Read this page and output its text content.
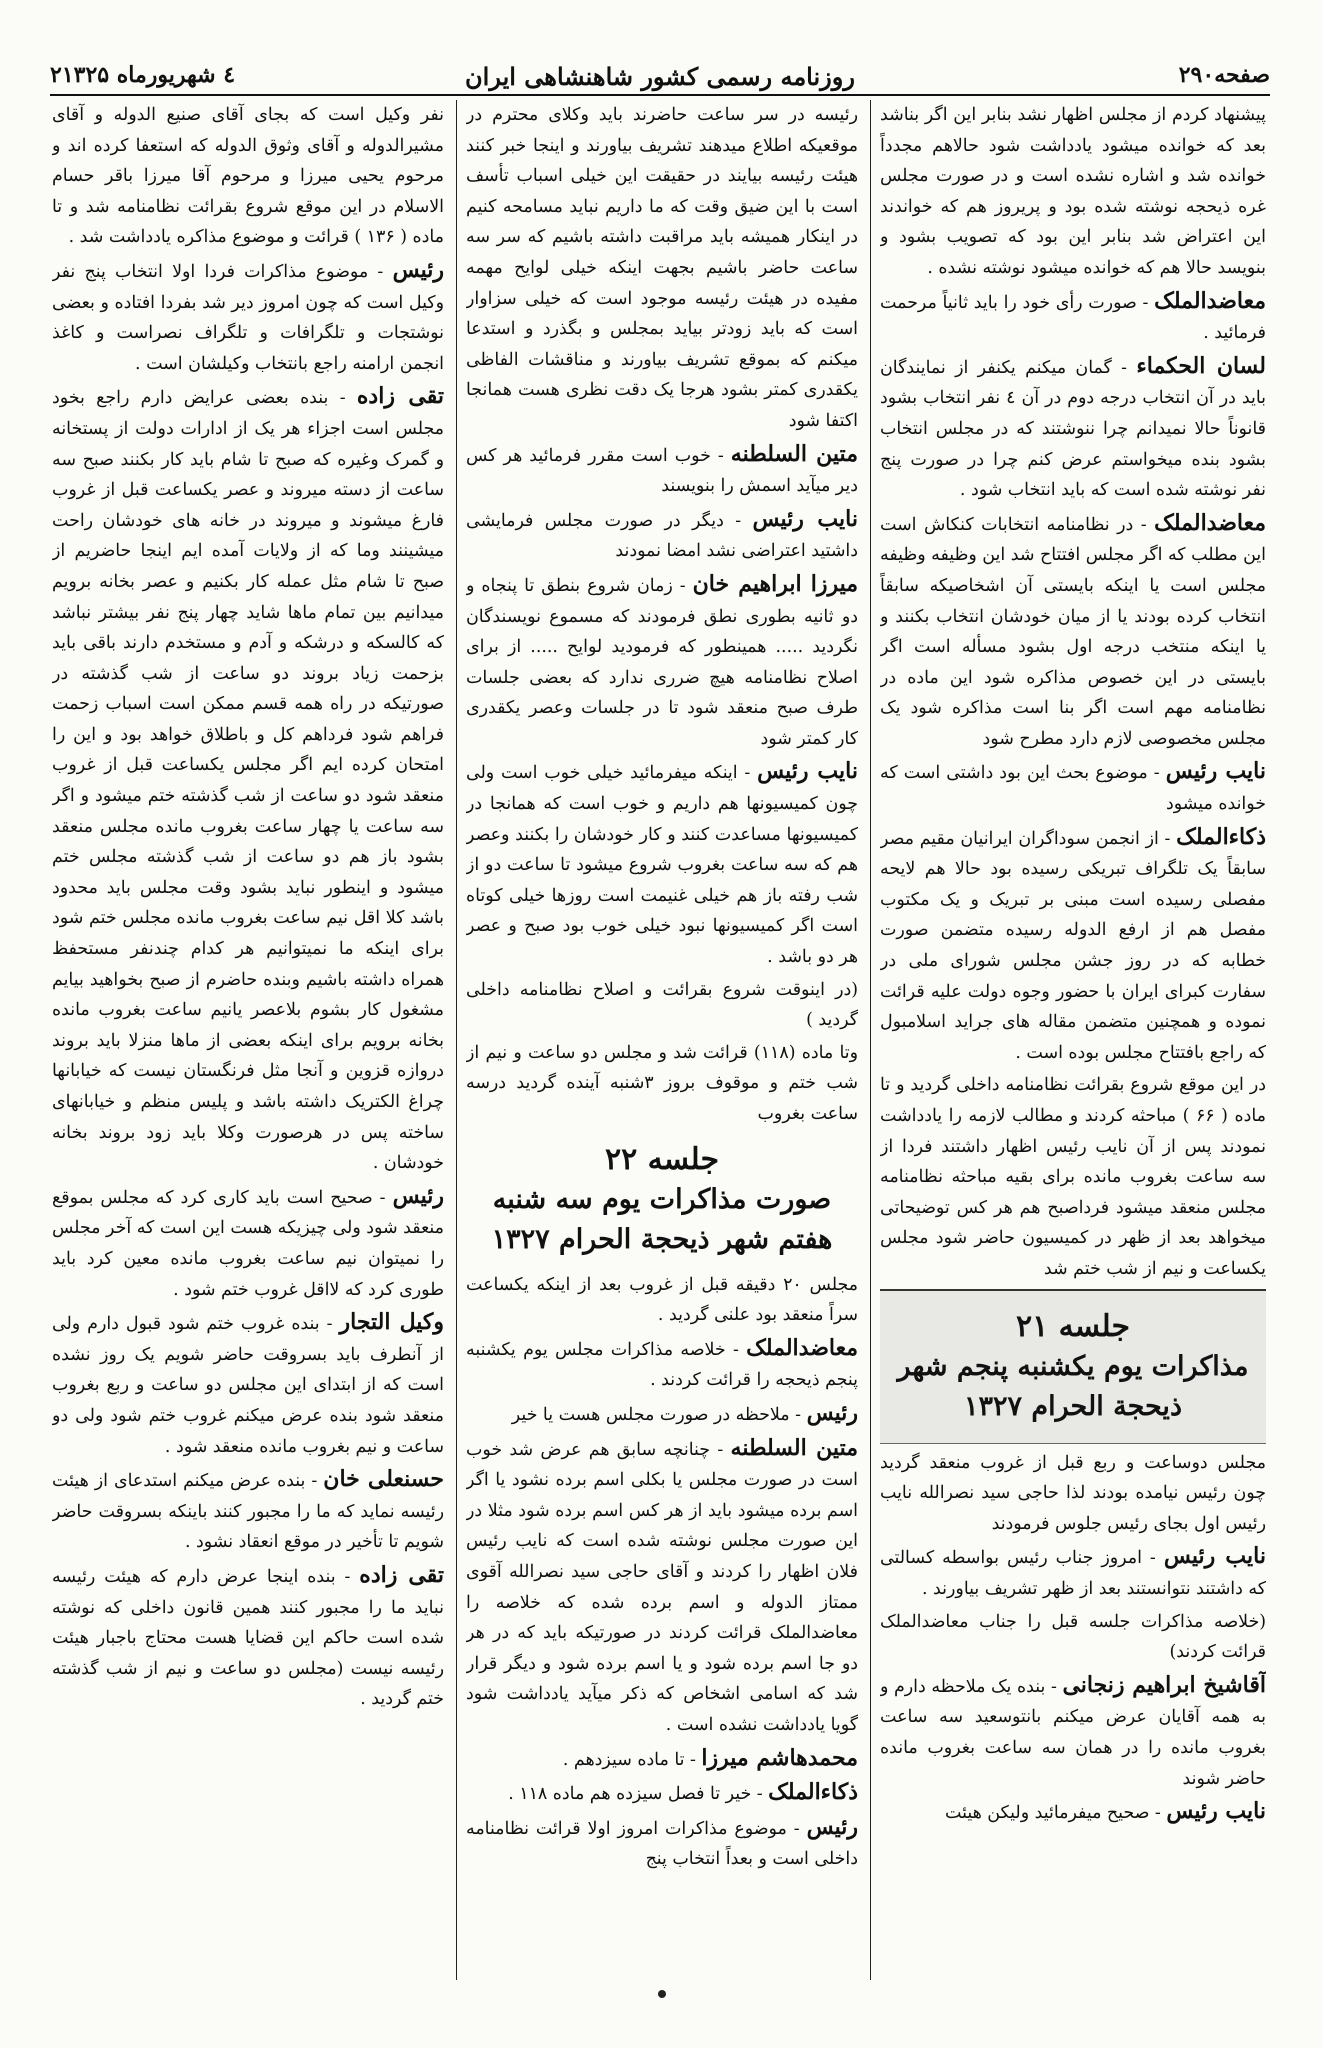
صفحه۲۹۰
روزنامه رسمی کشور شاهنشاهی ایران
۲٤ شهریورماه ۱۳۲۵

پیشنهاد کردم از مجلس اظهار نشد بنابر این اگر بناشد بعد که خوانده میشود یادداشت شود حالاهم مجدداً خوانده شد و اشاره نشده است و در صورت مجلس غره ذیحجه نوشته شده بود و پریروز هم که خواندند این اعتراض شد بنابر این بود که تصویب بشود و بنویسد حالا هم که خوانده میشود نوشته نشده .

معاضدالملک - صورت رأی خود را باید ثانیاً مرحمت فرمائید .

لسان الحکماء - گمان میکنم یکنفر از نمایندگان باید در آن انتخاب درجه دوم در آن ٤ نفر انتخاب بشود قانوناً حالا نمیدانم چرا ننوشتند که در مجلس انتخاب بشود بنده میخواستم عرض کنم چرا در صورت پنج نفر نوشته شده است که باید انتخاب شود .

معاضدالملک - در نظامنامه انتخابات کنکاش است این مطلب که اگر مجلس افتتاح شد این وظیفه وظیفه مجلس است یا اینکه بایستی آن اشخاصیکه سابقاً انتخاب کرده بودند یا از میان خودشان انتخاب بکنند و یا اینکه منتخب درجه اول بشود مسأله است اگر بایستی در این خصوص مذاکره شود این ماده در نظامنامه مهم است اگر بنا است مذاکره شود یک مجلس مخصوصی لازم دارد مطرح شود

نایب رئیس - موضوع بحث این بود داشتی است که خوانده میشود

ذکاءالملک - از انجمن سوداگران ایرانیان مقیم مصر سابقاً یک تلگراف تبریکی رسیده بود حالا هم لایحه مفصلی رسیده است مبنی بر تبریک و یک مکتوب مفصل هم از ارفع الدوله رسیده متضمن صورت خطابه که در روز جشن مجلس شورای ملی در سفارت کبرای ایران با حضور وجوه دولت علیه قرائت نموده و همچنین متضمن مقاله های جراید اسلامبول که راجع بافتتاح مجلس بوده است .

در این موقع شروع بقرائت نظامنامه داخلی گردید و تا ماده ( ۶۶ ) مباحثه کردند و مطالب لازمه را یادداشت نمودند پس از آن نایب رئیس اظهار داشتند فردا از سه ساعت بغروب مانده برای بقیه مباحثه نظامنامه مجلس منعقد میشود فرداصبح هم هر کس توضیحاتی میخواهد بعد از ظهر در کمیسیون حاضر شود مجلس یکساعت و نیم از شب ختم شد

جلسه ۲۱
مذاکرات یوم یکشنبه پنجم شهر
ذیحجة الحرام ۱۳۲۷

مجلس دوساعت و ربع قبل از غروب منعقد گردید چون رئیس نیامده بودند لذا حاجی سید نصرالله نایب رئیس اول بجای رئیس جلوس فرمودند

نایب رئیس - امروز جناب رئیس بواسطه کسالتی که داشتند نتوانستند بعد از ظهر تشریف بیاورند .

(خلاصه مذاکرات جلسه قبل را جناب معاضدالملک قرائت کردند)

آقاشیخ ابراهیم زنجانی - بنده یک ملاحظه دارم و به همه آقایان عرض میکنم بانتوسعید سه ساعت بغروب مانده را در همان سه ساعت بغروب مانده حاضر شوند

نایب رئیس - صحیح میفرمائید ولیکن هیئت

رئیسه در سر ساعت حاضرند باید وکلای محترم در موقعیکه اطلاع میدهند تشریف بیاورند و اینجا خبر کنند هیئت رئیسه بیایند در حقیقت این خیلی اسباب تأسف است با این ضیق وقت که ما داریم نباید مسامحه کنیم در اینکار همیشه باید مراقبت داشته باشیم که سر سه ساعت حاضر باشیم بجهت اینکه خیلی لوایح مهمه مفیده در هیئت رئیسه موجود است که خیلی سزاوار است که باید زودتر بیاید بمجلس و بگذرد و استدعا میکنم که بموقع تشریف بیاورند و مناقشات الفاظی یکقدری کمتر بشود هرجا یک دقت نظری هست همانجا اکتفا شود

متین السلطنه - خوب است مقرر فرمائید هر کس دیر میآید اسمش را بنویسند

نایب رئیس - دیگر در صورت مجلس فرمایشی داشتید اعتراضی نشد امضا نمودند

میرزا ابراهیم خان - زمان شروع بنطق تا پنجاه و دو ثانیه بطوری نطق فرمودند که مسموع نویسندگان نگردید ..... همینطور که فرمودید لوایح ..... از برای اصلاح نظامنامه هیچ ضرری ندارد که بعضی جلسات طرف صبح منعقد شود تا در جلسات وعصر یکقدری کار کمتر شود

نایب رئیس - اینکه میفرمائید خیلی خوب است ولی چون کمیسیونها هم داریم و خوب است که همانجا در کمیسیونها مساعدت کنند و کار خودشان را بکنند وعصر هم که سه ساعت بغروب شروع میشود تا ساعت دو از شب رفته باز هم خیلی غنیمت است روزها خیلی کوتاه است اگر کمیسیونها نبود خیلی خوب بود صبح و عصر هر دو باشد .

(در اینوقت شروع بقرائت و اصلاح نظامنامه داخلی گردید )

وتا ماده (۱۱۸) قرائت شد و مجلس دو ساعت و نیم از شب ختم و موقوف بروز ۳شنبه آینده گردید درسه ساعت بغروب

جلسه ۲۲
صورت مذاکرات یوم سه شنبه
هفتم شهر ذیحجة الحرام ۱۳۲۷

مجلس ۲۰ دقیقه قبل از غروب بعد از اینکه یکساعت سراً منعقد بود علنی گردید .

معاضدالملک - خلاصه مذاکرات مجلس یوم یکشنبه پنجم ذیحجه را قرائت کردند .

رئیس - ملاحظه در صورت مجلس هست یا خیر

متین السلطنه - چنانچه سابق هم عرض شد خوب است در صورت مجلس یا بکلی اسم برده نشود یا اگر اسم برده میشود باید از هر کس اسم برده شود مثلا در این صورت مجلس نوشته شده است که نایب رئیس فلان اظهار را کردند و آقای حاجی سید نصرالله آقوی ممتاز الدوله و اسم برده شده که خلاصه را معاضدالملک قرائت کردند در صورتیکه باید که در هر دو جا اسم برده شود و یا اسم برده شود و دیگر قرار شد که اسامی اشخاص که ذکر میآید یادداشت شود گویا یادداشت نشده است .

محمدهاشم میرزا - تا ماده سیزدهم .

ذکاءالملک - خیر تا فصل سیزده هم ماده ۱۱۸ .

رئیس - موضوع مذاکرات امروز اولا قرائت نظامنامه داخلی است و بعداً انتخاب پنج

نفر وکیل است که بجای آقای صنیع الدوله و آقای مشیرالدوله و آقای وثوق الدوله که استعفا کرده اند و مرحوم یحیی میرزا و مرحوم آقا میرزا باقر حسام الاسلام در این موقع شروع بقرائت نظامنامه شد و تا ماده ( ۱۳۶ ) قرائت و موضوع مذاکره یادداشت شد .

رئیس - موضوع مذاکرات فردا اولا انتخاب پنج نفر وکیل است که چون امروز دیر شد بفردا افتاده و بعضی نوشتجات و تلگرافات و تلگراف نصراست و کاغذ انجمن ارامنه راجع بانتخاب وکیلشان است .

تقی زاده - بنده بعضی عرایض دارم راجع بخود مجلس است اجزاء هر یک از ادارات دولت از پستخانه و گمرک وغیره که صبح تا شام باید کار بکنند صبح سه ساعت از دسته میروند و عصر یکساعت قبل از غروب فارغ میشوند و میروند در خانه های خودشان راحت میشینند وما که از ولایات آمده ایم اینجا حاضریم از صبح تا شام مثل عمله کار بکنیم و عصر بخانه برویم میدانیم بین تمام ماها شاید چهار پنج نفر بیشتر نباشد که کالسکه و درشکه و آدم و مستخدم دارند باقی باید بزحمت زیاد بروند دو ساعت از شب گذشته در صورتیکه در راه همه قسم ممکن است اسباب زحمت فراهم شود فرداهم کل و باطلاق خواهد بود و این را امتحان کرده ایم اگر مجلس یکساعت قبل از غروب منعقد شود دو ساعت از شب گذشته ختم میشود و اگر سه ساعت یا چهار ساعت بغروب مانده مجلس منعقد بشود باز هم دو ساعت از شب گذشته مجلس ختم میشود و اینطور نباید بشود وقت مجلس باید محدود باشد کلا اقل نیم ساعت بغروب مانده مجلس ختم شود برای اینکه ما نمیتوانیم هر کدام چندنفر مستحفظ همراه داشته باشیم وبنده حاضرم از صبح بخواهید بیایم مشغول کار بشوم بلاعصر یانیم ساعت بغروب مانده بخانه برویم برای اینکه بعضی از ماها منزلا باید بروند دروازه قزوین و آنجا مثل فرنگستان نیست که خیابانها چراغ الکتریک داشته باشد و پلیس منظم و خیابانهای ساخته پس در هرصورت وکلا باید زود بروند بخانه خودشان .

رئیس - صحیح است باید کاری کرد که مجلس بموقع منعقد شود ولی چیزیکه هست این است که آخر مجلس را نمیتوان نیم ساعت بغروب مانده معین کرد باید طوری کرد که لااقل غروب ختم شود .

وکیل التجار - بنده غروب ختم شود قبول دارم ولی از آنطرف باید بسروقت حاضر شویم یک روز نشده است که از ابتدای این مجلس دو ساعت و ربع بغروب منعقد شود بنده عرض میکنم غروب ختم شود ولی دو ساعت و نیم بغروب مانده منعقد شود .

حسنعلی خان - بنده عرض میکنم استدعای از هیئت رئیسه نماید که ما را مجبور کنند باینکه بسروقت حاضر شویم تا تأخیر در موقع انعقاد نشود .

تقی زاده - بنده اینجا عرض دارم که هیئت رئیسه نباید ما را مجبور کنند همین قانون داخلی که نوشته شده است حاکم این قضایا هست محتاج باجبار هیئت رئیسه نیست (مجلس دو ساعت و نیم از شب گذشته ختم گردید .
